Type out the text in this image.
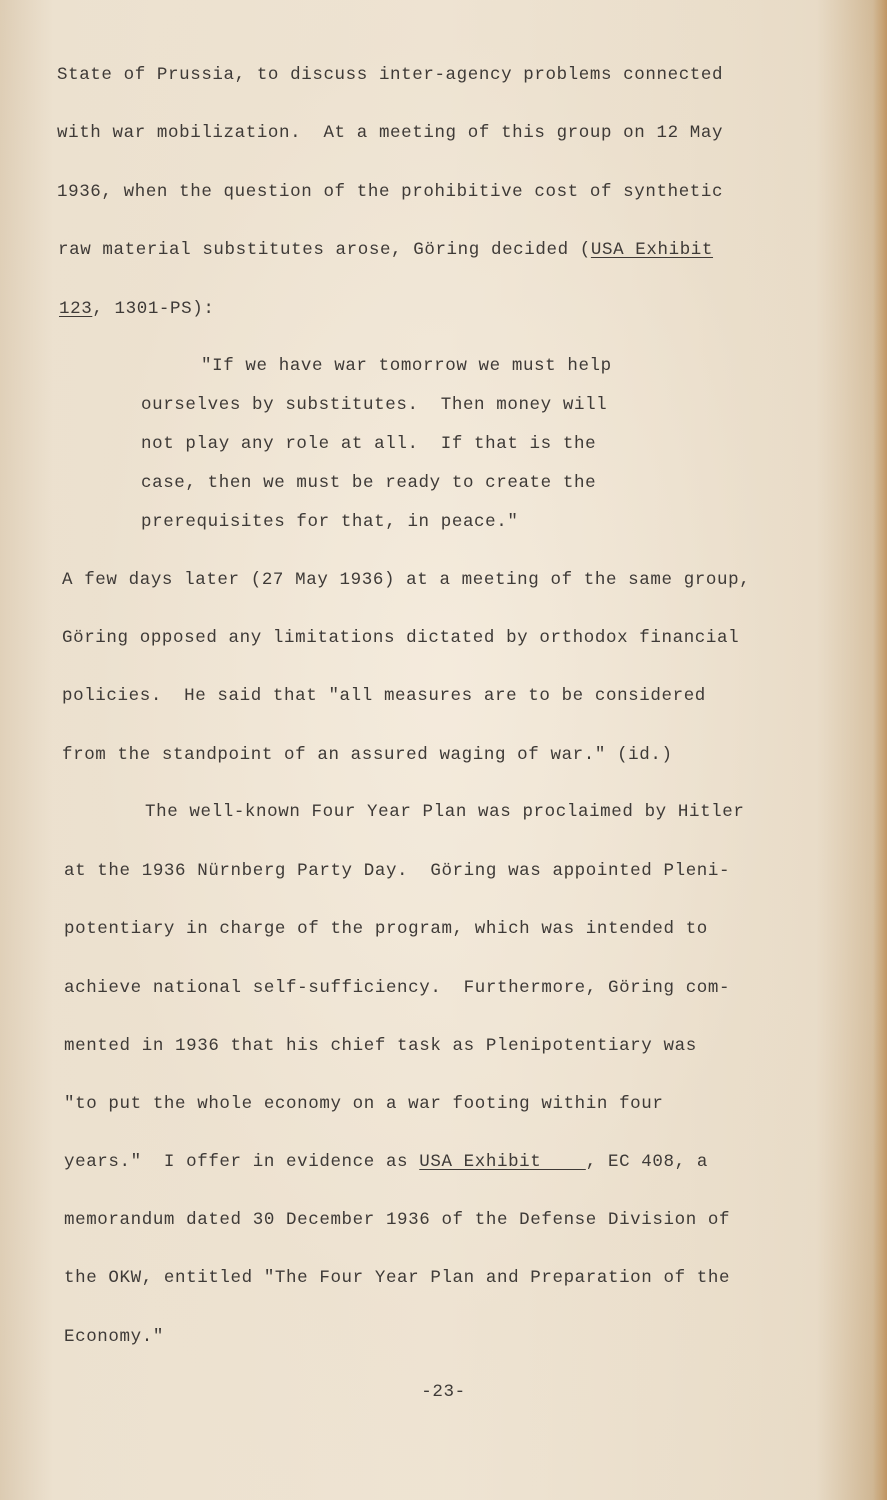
State of Prussia, to discuss inter-agency problems connected

with war mobilization.  At a meeting of this group on 12 May

1936, when the question of the prohibitive cost of synthetic

raw material substitutes arose, Göring decided (USA Exhibit

123, 1301-PS):

"If we have war tomorrow we must help

ourselves by substitutes.  Then money will

not play any role at all.  If that is the

case, then we must be ready to create the

prerequisites for that, in peace."

A few days later (27 May 1936) at a meeting of the same group,

Göring opposed any limitations dictated by orthodox financial

policies.  He said that "all measures are to be considered

from the standpoint of an assured waging of war." (id.)

The well-known Four Year Plan was proclaimed by Hitler

at the 1936 Nürnberg Party Day.  Göring was appointed Pleni-

potentiary in charge of the program, which was intended to

achieve national self-sufficiency.  Furthermore, Göring com-

mented in 1936 that his chief task as Plenipotentiary was

"to put the whole economy on a war footing within four

years."  I offer in evidence as USA Exhibit    , EC 408, a

memorandum dated 30 December 1936 of the Defense Division of

the OKW, entitled "The Four Year Plan and Preparation of the

Economy."

-23-
